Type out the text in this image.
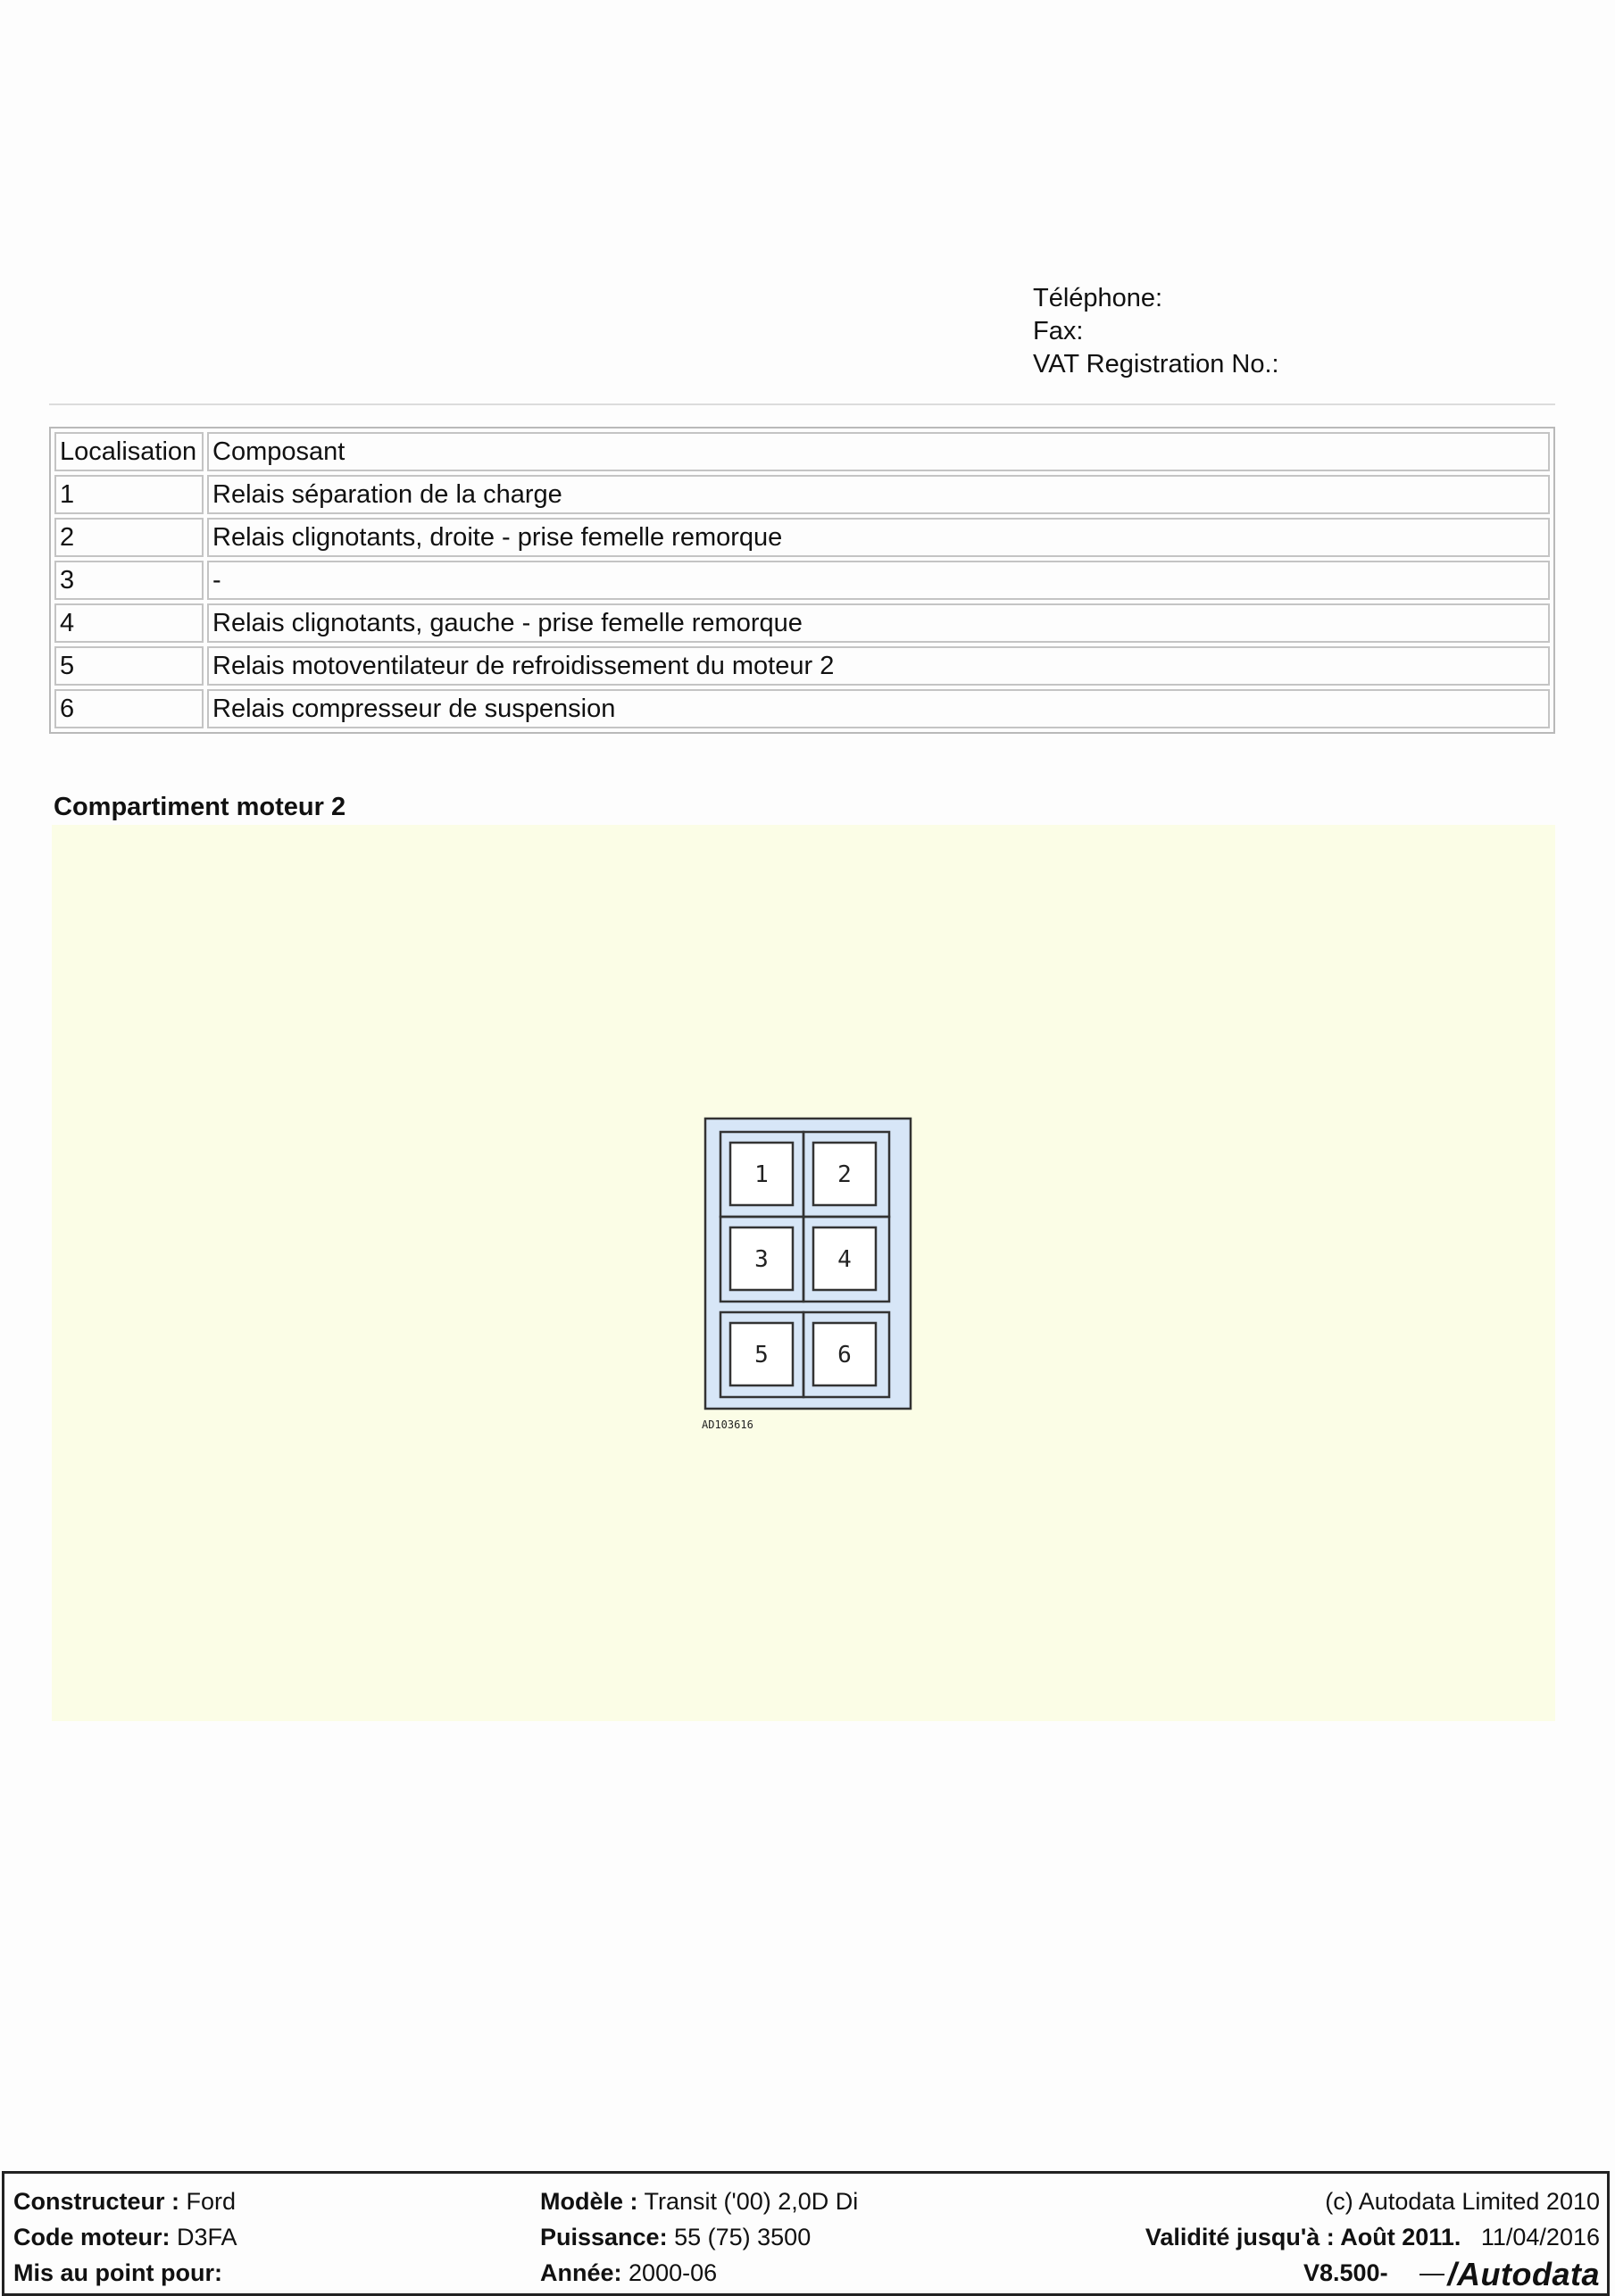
Téléphone:
Fax:
VAT Registration No.:
Localisation	Composant
1	Relais séparation de la charge
2	Relais clignotants, droite - prise femelle remorque
3	-
4	Relais clignotants, gauche - prise femelle remorque
5	Relais motoventilateur de refroidissement du moteur 2
6	Relais compresseur de suspension
Compartiment moteur 2
1	2
3	4
5	6
AD103616
Constructeur : Ford	Modèle : Transit ('00) 2,0D Di	(c) Autodata Limited 2010
Code moteur: D3FA	Puissance: 55 (75) 3500	Validité jusqu'à : Août 2011. 11/04/2016
Mis au point pour:	Année: 2000-06	V8.500- /Autodata
